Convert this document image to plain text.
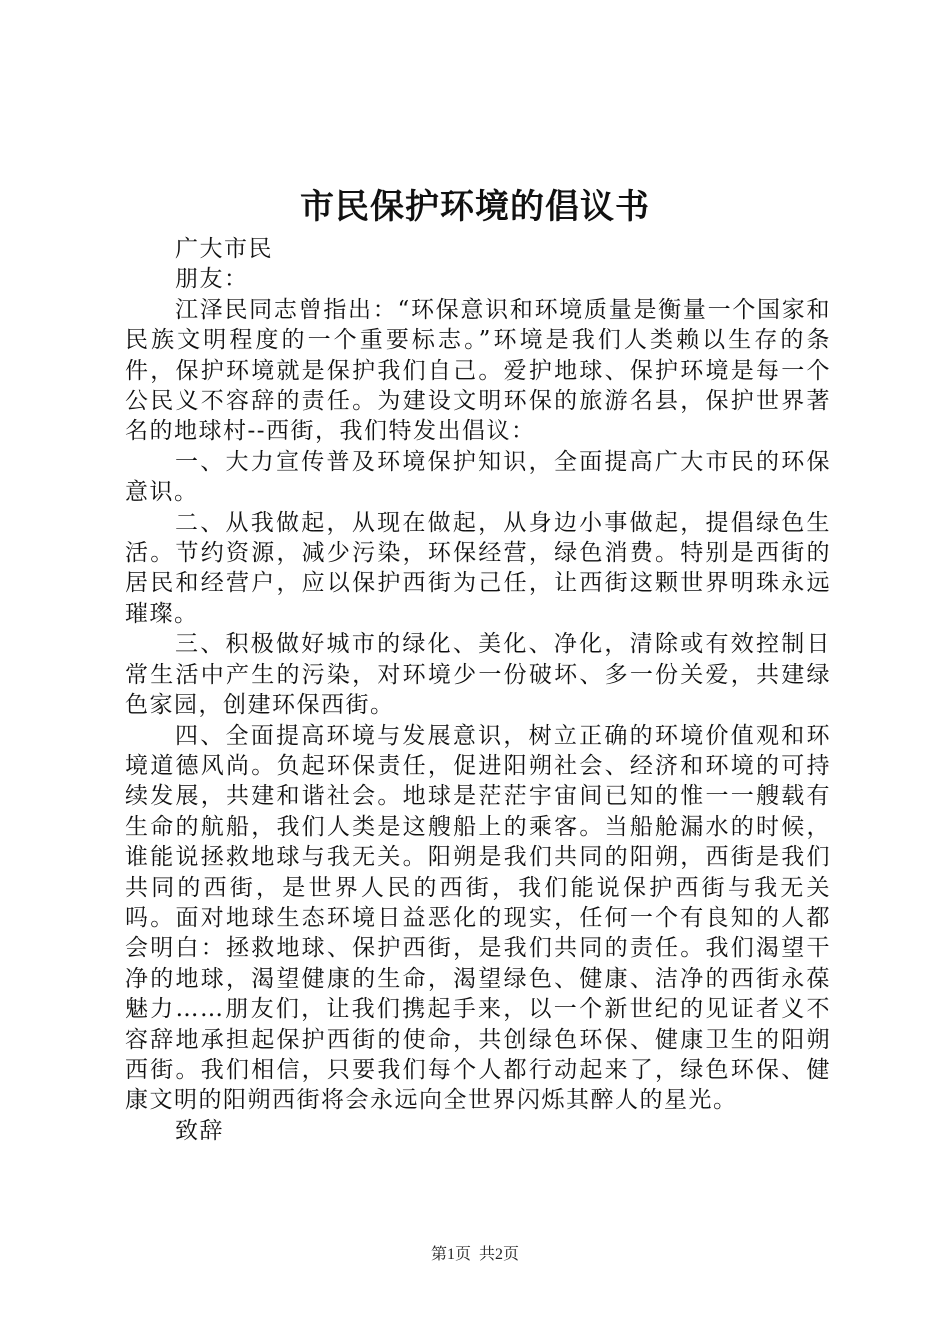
市民保护环境的倡议书

广大市民

朋友：

江泽民同志曾指出：“环保意识和环境质量是衡量一个国家和民族文明程度的一个重要标志。”环境是我们人类赖以生存的条件，保护环境就是保护我们自己。爱护地球、保护环境是每一个公民义不容辞的责任。为建设文明环保的旅游名县，保护世界著名的地球村--西街，我们特发出倡议：

一、大力宣传普及环境保护知识，全面提高广大市民的环保意识。

二、从我做起，从现在做起，从身边小事做起，提倡绿色生活。节约资源，减少污染，环保经营，绿色消费。特别是西街的居民和经营户，应以保护西街为己任，让西街这颗世界明珠永远璀璨。

三、积极做好城市的绿化、美化、净化，清除或有效控制日常生活中产生的污染，对环境少一份破坏、多一份关爱，共建绿色家园，创建环保西街。

四、全面提高环境与发展意识，树立正确的环境价值观和环境道德风尚。负起环保责任，促进阳朔社会、经济和环境的可持续发展，共建和谐社会。地球是茫茫宇宙间已知的惟一一艘载有生命的航船，我们人类是这艘船上的乘客。当船舱漏水的时候，谁能说拯救地球与我无关。阳朔是我们共同的阳朔，西街是我们共同的西街，是世界人民的西街，我们能说保护西街与我无关吗。面对地球生态环境日益恶化的现实，任何一个有良知的人都会明白：拯救地球、保护西街，是我们共同的责任。我们渴望干净的地球，渴望健康的生命，渴望绿色、健康、洁净的西街永葆魅力……朋友们，让我们携起手来，以一个新世纪的见证者义不容辞地承担起保护西街的使命，共创绿色环保、健康卫生的阳朔西街。我们相信，只要我们每个人都行动起来了，绿色环保、健康文明的阳朔西街将会永远向全世界闪烁其醉人的星光。

致辞

第1页 共2页
